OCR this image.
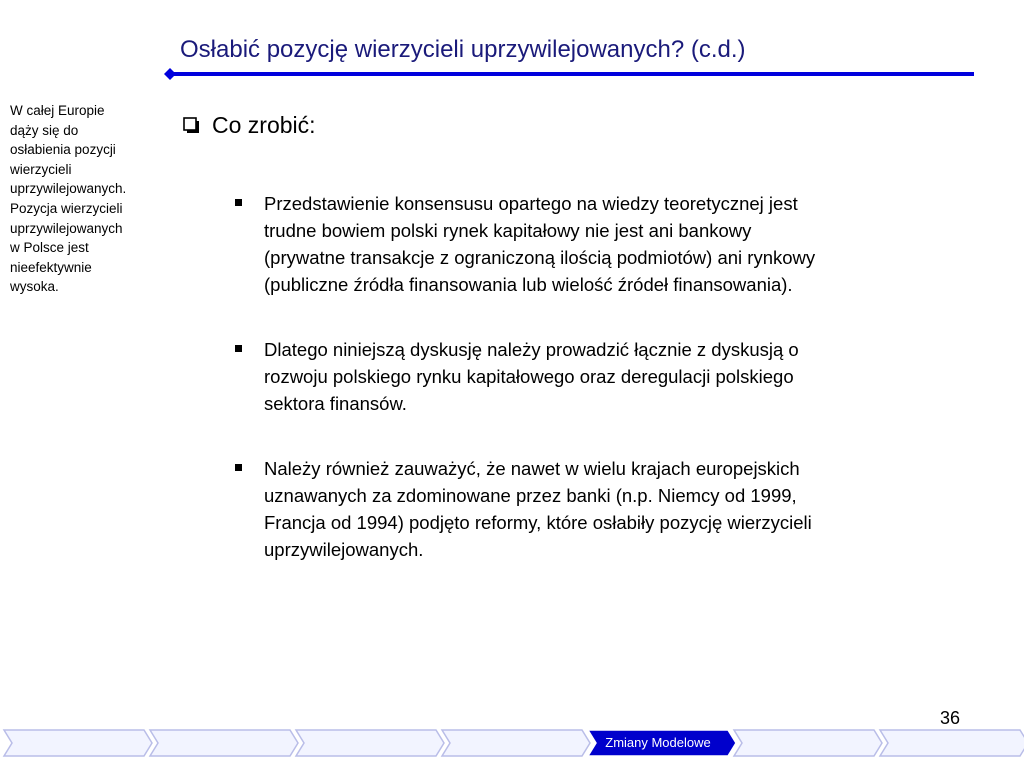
Osłabić pozycję wierzycieli uprzywilejowanych? (c.d.)
W całej Europie
dąży się do
osłabienia pozycji
wierzycieli
uprzywilejowanych.
Pozycja wierzycieli
uprzywilejowanych
w Polsce jest
nieefektywnie
wysoka.
Co zrobić:
Przedstawienie konsensusu opartego na wiedzy teoretycznej jest
trudne bowiem polski rynek kapitałowy nie jest ani bankowy
(prywatne transakcje z ograniczoną ilością podmiotów) ani rynkowy
(publiczne źródła finansowania lub wielość źródeł finansowania).
Dlatego niniejszą dyskusję należy prowadzić łącznie z dyskusją o
rozwoju polskiego rynku kapitałowego oraz deregulacji polskiego
sektora finansów.
Należy również zauważyć, że nawet w wielu krajach europejskich
uznawanych za zdominowane przez banki (n.p. Niemcy od 1999,
Francja od 1994) podjęto reformy, które osłabiły pozycję wierzycieli
uprzywilejowanych.
36
Zmiany Modelowe
